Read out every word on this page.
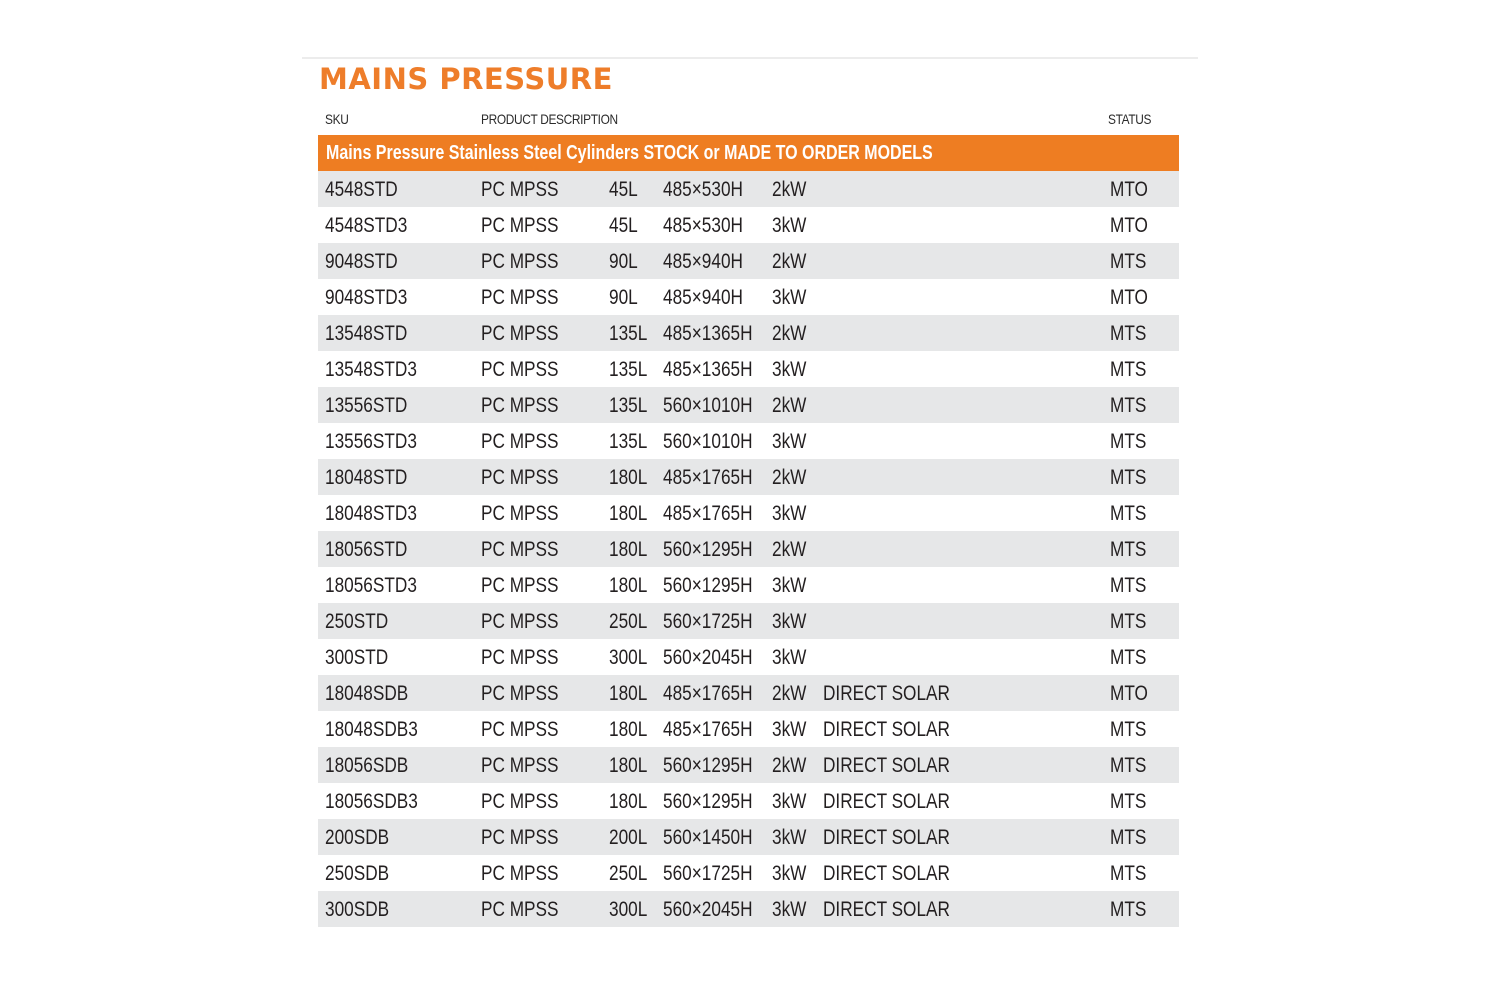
MAINS PRESSURE
SKU	PRODUCT DESCRIPTION	STATUS
Mains Pressure Stainless Steel Cylinders STOCK or MADE TO ORDER MODELS
4548STD	PC MPSS 45L 485×530H 2kW	MTO
4548STD3	PC MPSS 45L 485×530H 3kW	MTO
9048STD	PC MPSS 90L 485×940H 2kW	MTS
9048STD3	PC MPSS 90L 485×940H 3kW	MTO
13548STD	PC MPSS 135L 485×1365H 2kW	MTS
13548STD3	PC MPSS 135L 485×1365H 3kW	MTS
13556STD	PC MPSS 135L 560×1010H 2kW	MTS
13556STD3	PC MPSS 135L 560×1010H 3kW	MTS
18048STD	PC MPSS 180L 485×1765H 2kW	MTS
18048STD3	PC MPSS 180L 485×1765H 3kW	MTS
18056STD	PC MPSS 180L 560×1295H 2kW	MTS
18056STD3	PC MPSS 180L 560×1295H 3kW	MTS
250STD	PC MPSS 250L 560×1725H 3kW	MTS
300STD	PC MPSS 300L 560×2045H 3kW	MTS
18048SDB	PC MPSS 180L 485×1765H 2kW DIRECT SOLAR	MTO
18048SDB3	PC MPSS 180L 485×1765H 3kW DIRECT SOLAR	MTS
18056SDB	PC MPSS 180L 560×1295H 2kW DIRECT SOLAR	MTS
18056SDB3	PC MPSS 180L 560×1295H 3kW DIRECT SOLAR	MTS
200SDB	PC MPSS 200L 560×1450H 3kW DIRECT SOLAR	MTS
250SDB	PC MPSS 250L 560×1725H 3kW DIRECT SOLAR	MTS
300SDB	PC MPSS 300L 560×2045H 3kW DIRECT SOLAR	MTS
